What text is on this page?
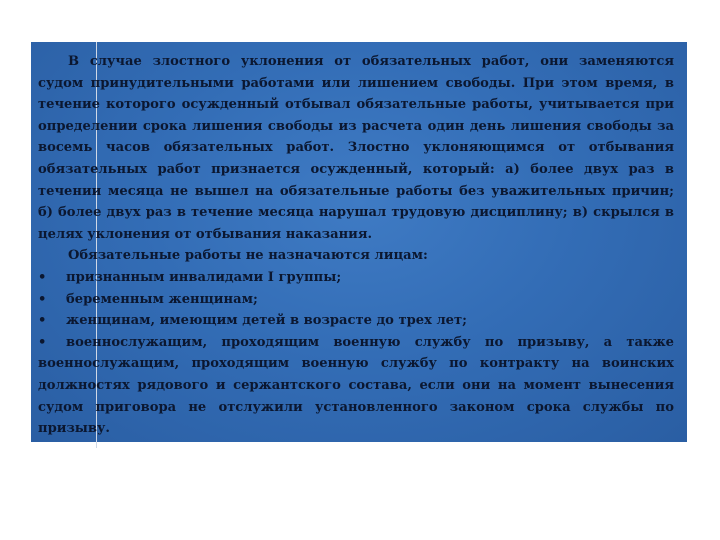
В случае злостного уклонения от обязательных работ, они заменяются судом принудительными работами или лишением свободы. При этом время, в течение которого осужденный отбывал обязательные работы, учитывается при определении срока лишения свободы из расчета один день лишения свободы за восемь часов обязательных работ. Злостно уклоняющимся от отбывания обязательных работ признается осужденный, который: а) более двух раз в течении месяца не вышел на обязательные работы без уважительных причин; б) более двух раз в течение месяца нарушал трудовую дисциплину; в) скрылся в целях уклонения от отбывания наказания.

Обязательные работы не назначаются лицам:

•	признанным инвалидами I группы;
•	беременным женщинам;
•	женщинам, имеющим детей в возрасте до трех лет;

• военнослужащим, проходящим военную службу по призыву, а также военнослужащим, проходящим военную службу по контракту на воинских должностях рядового и сержантского состава, если они на момент вынесения судом приговора не отслужили установленного законом срока службы по призыву.
